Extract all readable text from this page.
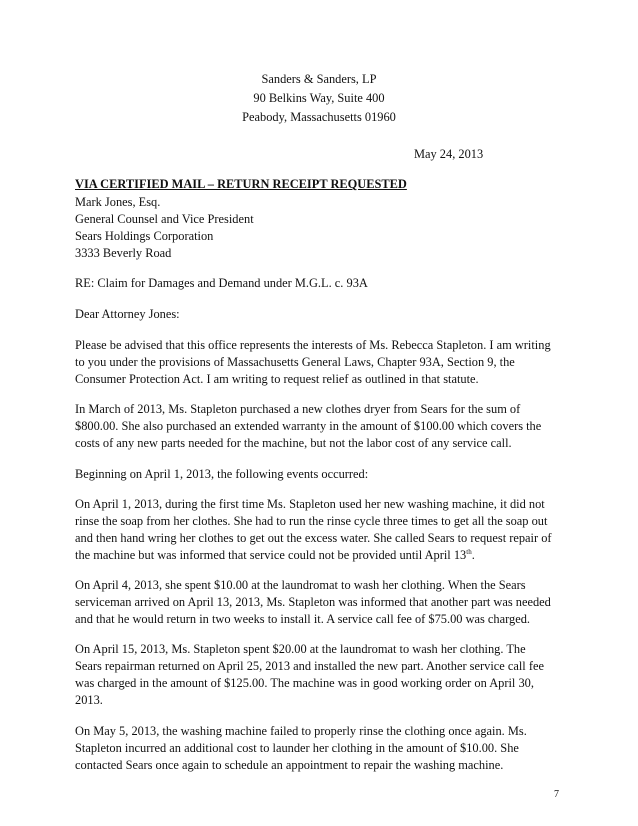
Sanders & Sanders, LP
90 Belkins Way, Suite 400
Peabody, Massachusetts 01960
May 24, 2013
VIA CERTIFIED MAIL – RETURN RECEIPT REQUESTED
Mark Jones, Esq.
General Counsel and Vice President
Sears Holdings Corporation
3333 Beverly Road
RE: Claim for Damages and Demand under M.G.L. c. 93A
Dear Attorney Jones:
Please be advised that this office represents the interests of Ms. Rebecca Stapleton. I am writing
to you under the provisions of Massachusetts General Laws, Chapter 93A, Section 9, the
Consumer Protection Act. I am writing to request relief as outlined in that statute.
In March of 2013, Ms. Stapleton purchased a new clothes dryer from Sears for the sum of
$800.00. She also purchased an extended warranty in the amount of $100.00 which covers the
costs of any new parts needed for the machine, but not the labor cost of any service call.
Beginning on April 1, 2013, the following events occurred:
On April 1, 2013, during the first time Ms. Stapleton used her new washing machine, it did not
rinse the soap from her clothes. She had to run the rinse cycle three times to get all the soap out
and then hand wring her clothes to get out the excess water. She called Sears to request repair of
the machine but was informed that service could not be provided until April 13th.
On April 4, 2013, she spent $10.00 at the laundromat to wash her clothing. When the Sears
serviceman arrived on April 13, 2013, Ms. Stapleton was informed that another part was needed
and that he would return in two weeks to install it. A service call fee of $75.00 was charged.
On April 15, 2013, Ms. Stapleton spent $20.00 at the laundromat to wash her clothing. The
Sears repairman returned on April 25, 2013 and installed the new part. Another service call fee
was charged in the amount of $125.00. The machine was in good working order on April 30,
2013.
On May 5, 2013, the washing machine failed to properly rinse the clothing once again. Ms.
Stapleton incurred an additional cost to launder her clothing in the amount of $10.00. She
contacted Sears once again to schedule an appointment to repair the washing machine.
7
